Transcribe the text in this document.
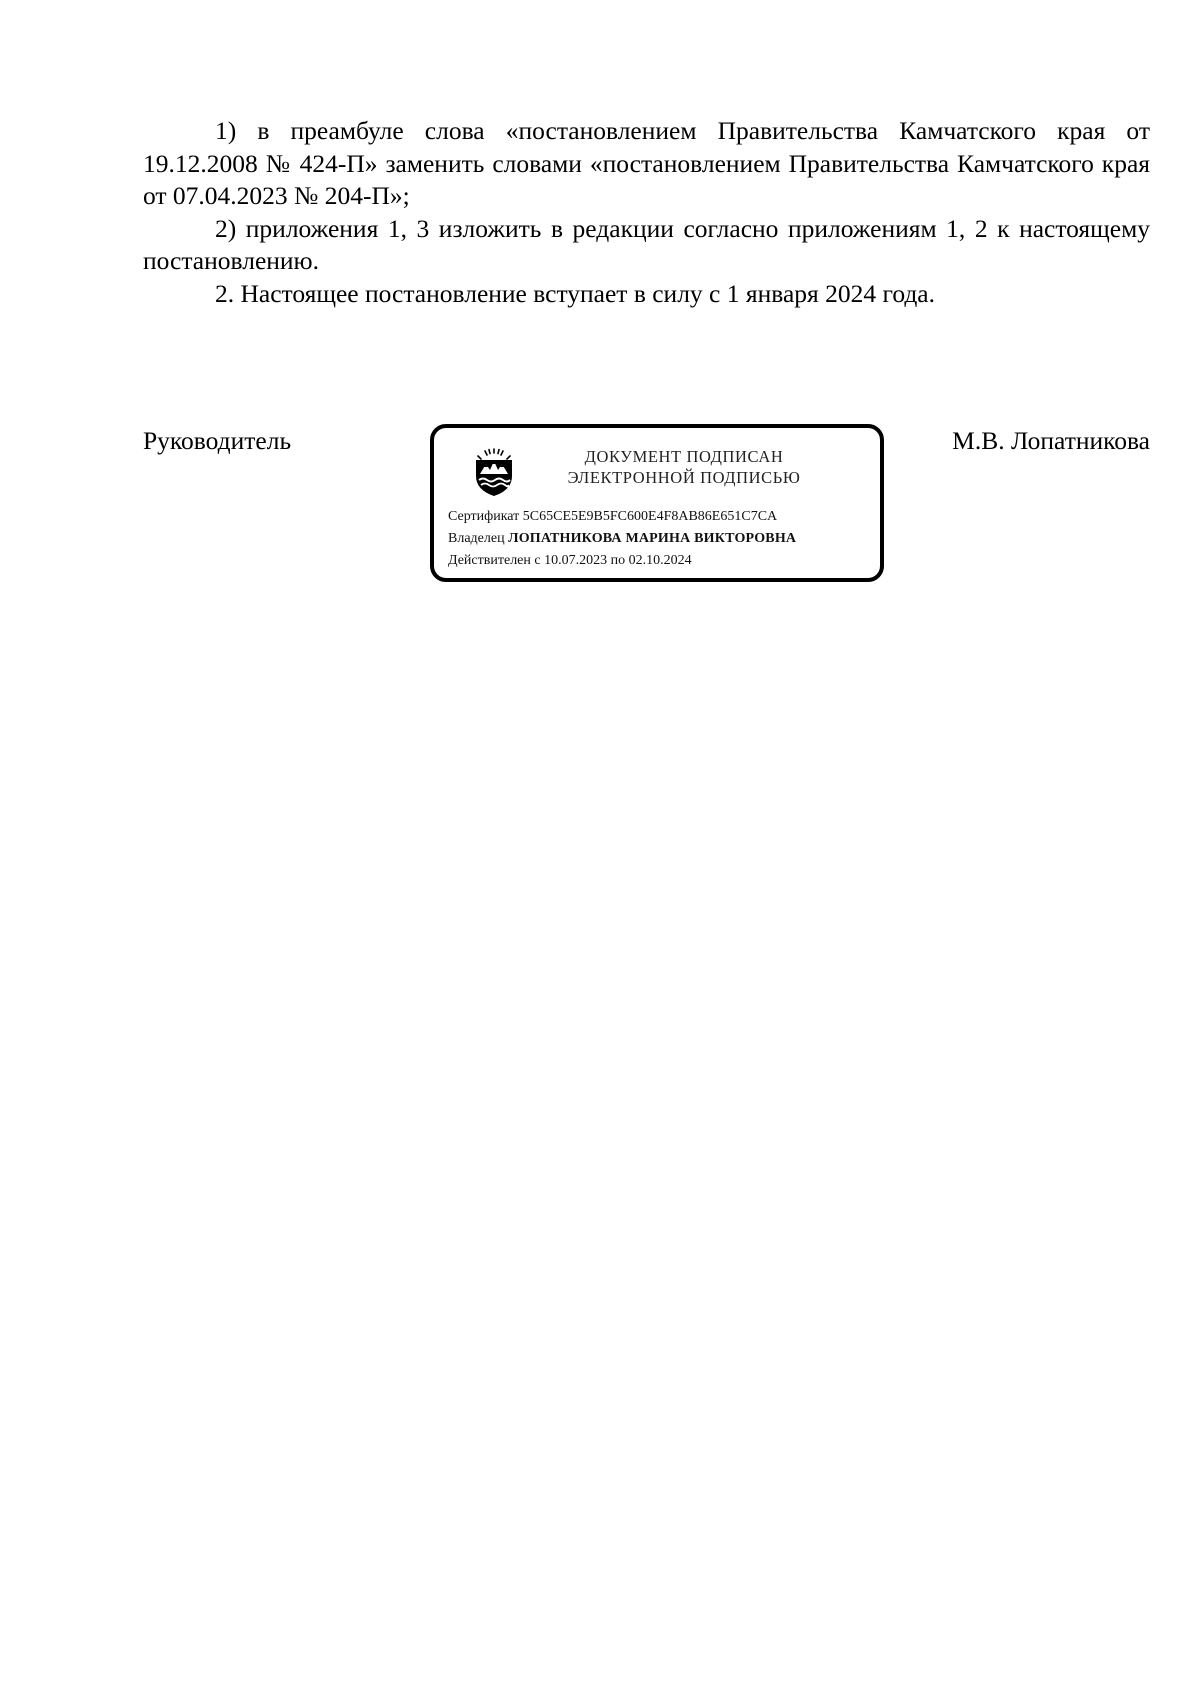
1) в преамбуле слова «постановлением Правительства Камчатского края от 19.12.2008 № 424-П» заменить словами «постановлением Правительства Камчатского края от 07.04.2023 № 204-П»;

2) приложения 1, 3 изложить в редакции согласно приложениям 1, 2 к настоящему постановлению.

2. Настоящее постановление вступает в силу с 1 января 2024 года.

Руководитель
ДОКУМЕНТ ПОДПИСАН
ЭЛЕКТРОННОЙ ПОДПИСЬЮ
Сертификат 5C65CE5E9B5FC600E4F8AB86E651C7CA
Владелец ЛОПАТНИКОВА МАРИНА ВИКТОРОВНА
Действителен с 10.07.2023 по 02.10.2024
М.В. Лопатникова
